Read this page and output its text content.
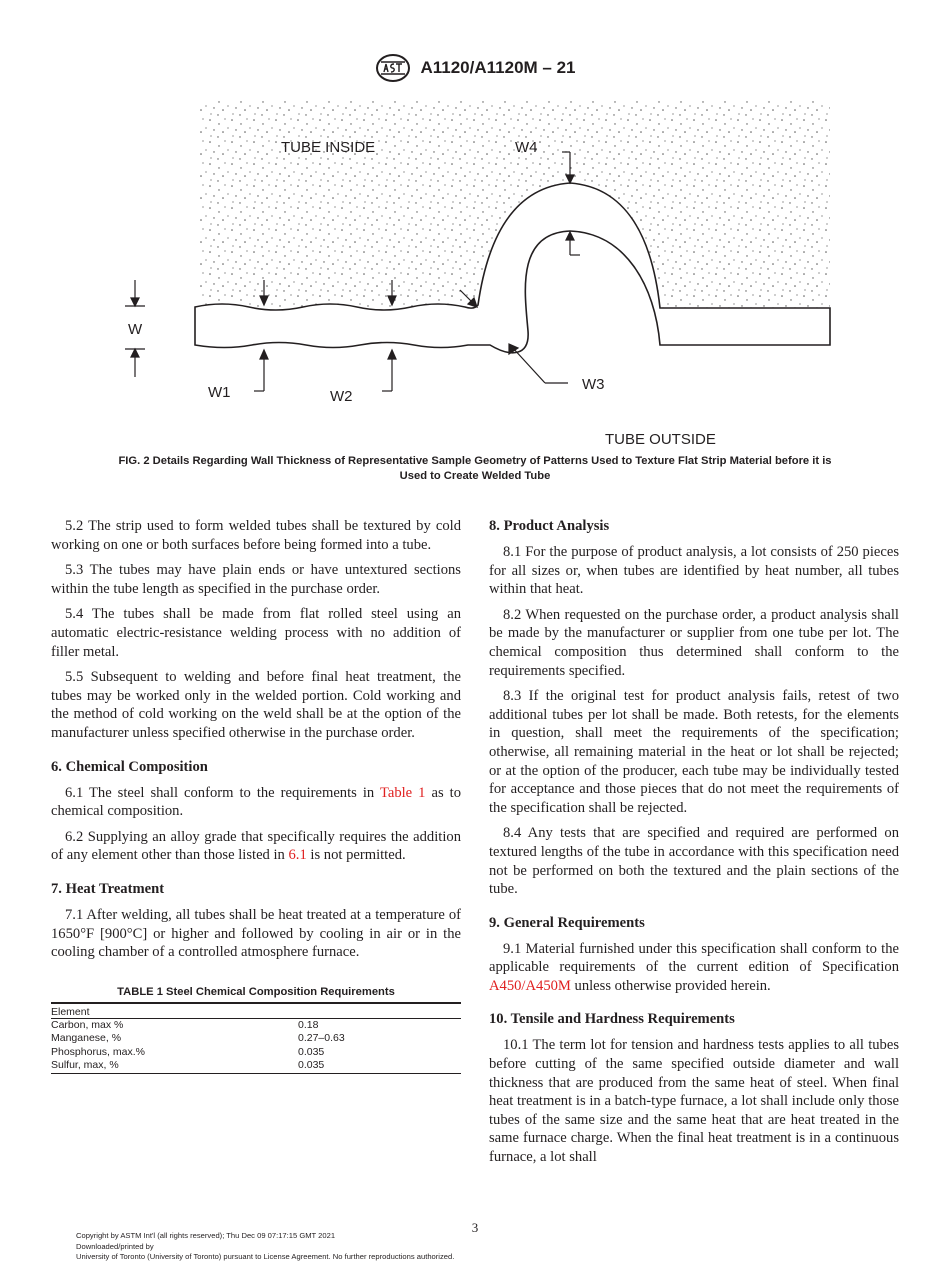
A1120/A1120M – 21
TUBE INSIDE	W4
W
W1	W2
W3
TUBE OUTSIDE
FIG. 2 Details Regarding Wall Thickness of Representative Sample Geometry of Patterns Used to Texture Flat Strip Material before it is
Used to Create Welded Tube

5.2 The strip used to form welded tubes shall be textured by cold working on one or both surfaces before being formed into a tube.

5.3 The tubes may have plain ends or have untextured sections within the tube length as specified in the purchase order.

5.4 The tubes shall be made from flat rolled steel using an automatic electric-resistance welding process with no addition of filler metal.

5.5 Subsequent to welding and before final heat treatment, the tubes may be worked only in the welded portion. Cold working and the method of cold working on the weld shall be at the option of the manufacturer unless specified otherwise in the purchase order.

6. Chemical Composition

6.1 The steel shall conform to the requirements in Table 1 as to chemical composition.

6.2 Supplying an alloy grade that specifically requires the addition of any element other than those listed in 6.1 is not permitted.

7. Heat Treatment

7.1 After welding, all tubes shall be heat treated at a temperature of 1650°F [900°C] or higher and followed by cooling in air or in the cooling chamber of a controlled atmosphere furnace.

TABLE 1 Steel Chemical Composition Requirements
Element	
Carbon, max %	0.18
Manganese, %	0.27–0.63
Phosphorus, max.%	0.035
Sulfur, max, %	0.035
8. Product Analysis

8.1 For the purpose of product analysis, a lot consists of 250 pieces for all sizes or, when tubes are identified by heat number, all tubes within that heat.

8.2 When requested on the purchase order, a product analysis shall be made by the manufacturer or supplier from one tube per lot. The chemical composition thus determined shall conform to the requirements specified.

8.3 If the original test for product analysis fails, retest of two additional tubes per lot shall be made. Both retests, for the elements in question, shall meet the requirements of the specification; otherwise, all remaining material in the heat or lot shall be rejected; or at the option of the producer, each tube may be individually tested for acceptance and those pieces that do not meet the requirements of the specification shall be rejected.

8.4 Any tests that are specified and required are performed on textured lengths of the tube in accordance with this specification need not be performed on both the textured and the plain sections of the tube.

9. General Requirements

9.1 Material furnished under this specification shall conform to the applicable requirements of the current edition of Specification A450/A450M unless otherwise provided herein.

10. Tensile and Hardness Requirements

10.1 The term lot for tension and hardness tests applies to all tubes before cutting of the same specified outside diameter and wall thickness that are produced from the same heat of steel. When final heat treatment is in a batch-type furnace, a lot shall include only those tubes of the same size and the same heat that are heat treated in the same furnace charge. When the final heat treatment is in a continuous furnace, a lot shall

3
Copyright by ASTM Int'l (all rights reserved); Thu Dec 09 07:17:15 GMT 2021
Downloaded/printed by
University of Toronto (University of Toronto) pursuant to License Agreement. No further reproductions authorized.
